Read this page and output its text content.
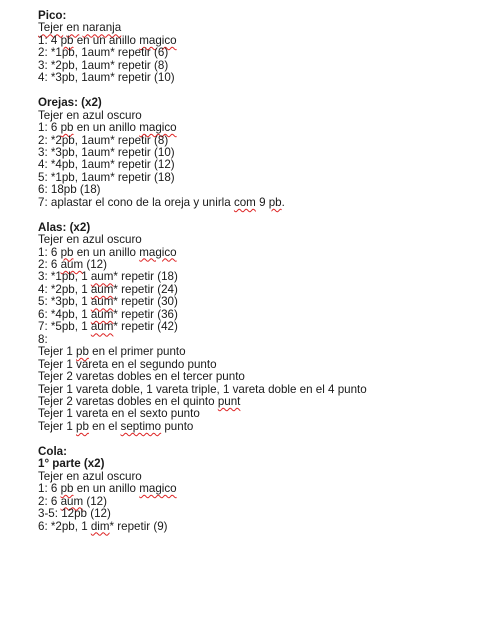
Pico:
Tejer en naranja
1: 4 pb en un anillo magico
2: *1pb, 1aum* repetir (6)
3: *2pb, 1aum* repetir (8)
4: *3pb, 1aum* repetir (10)
Orejas: (x2)
Tejer en azul oscuro
1: 6 pb en un anillo magico
2: *2pb, 1aum* repetir (8)
3: *3pb, 1aum* repetir (10)
4: *4pb, 1aum* repetir (12)
5: *1pb, 1aum* repetir (18)
6: 18pb (18)
7: aplastar el cono de la oreja y unirla com 9 pb.
Alas: (x2)
Tejer en azul oscuro
1: 6 pb en un anillo magico
2: 6 aum (12)
3: *1pb, 1 aum* repetir (18)
4: *2pb, 1 aum* repetir (24)
5: *3pb, 1 aum* repetir (30)
6: *4pb, 1 aum* repetir (36)
7: *5pb, 1 aum* repetir (42)
8:
Tejer 1 pb en el primer punto
Tejer 1 vareta en el segundo punto
Tejer 2 varetas dobles en el tercer punto
Tejer 1 vareta doble, 1 vareta triple, 1 vareta doble en el 4 punto
Tejer 2 varetas dobles en el quinto punt
Tejer 1 vareta en el sexto punto
Tejer 1 pb en el septimo punto
Cola:
1° parte (x2)
Tejer en azul oscuro
1: 6 pb en un anillo magico
2: 6 aum (12)
3-5: 12pb (12)
6: *2pb, 1 dim* repetir (9)
